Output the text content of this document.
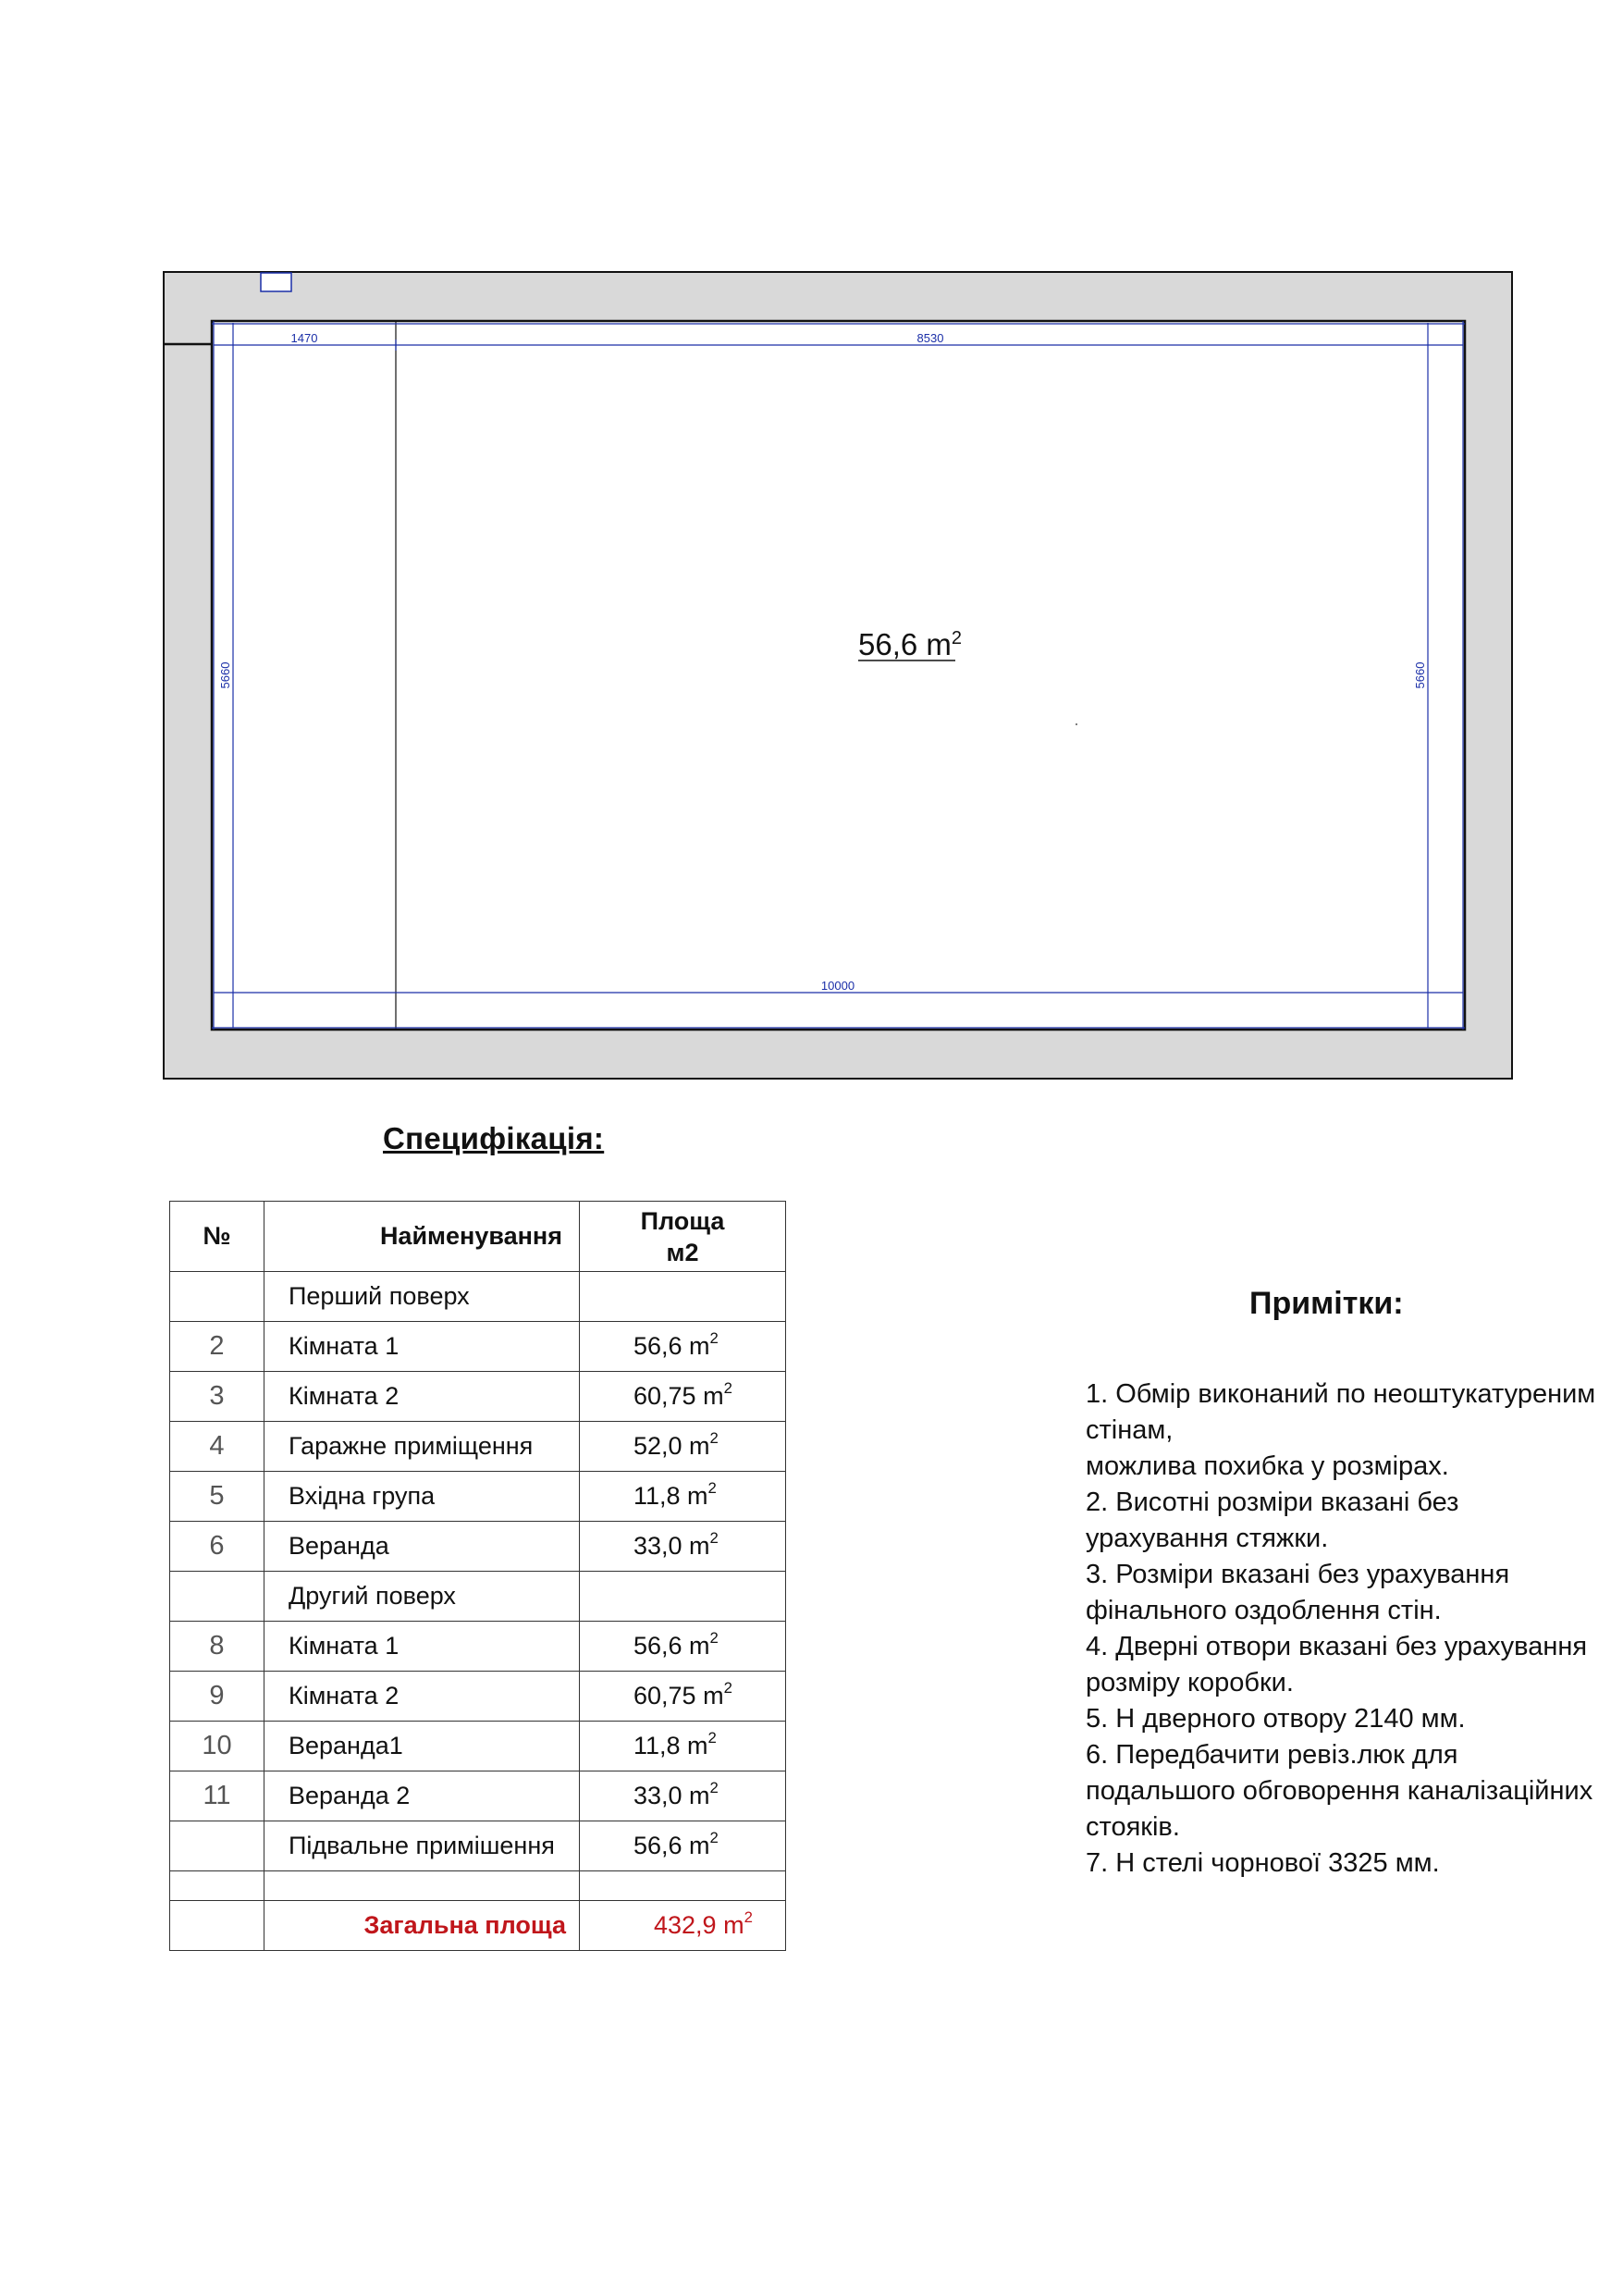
1470	8530
10000
5660	5660
56,6 $m^2$
Специфікація:
№	Найменування	Площа
м2
	Перший поверх	
2	Кімната 1	56,6 $m^2$
3	Кімната 2	60,75 $m^2$
4	Гаражне приміщення	52,0 $m^2$
5	Вхідна група	11,8 $m^2$
6	Веранда	33,0 $m^2$
	Другий поверх	
8	Кімната 1	56,6 $m^2$
9	Кімната 2	60,75 $m^2$
10	Веранда1	11,8 $m^2$
11	Веранда 2	33,0 $m^2$
	Підвальне примішення	56,6 $m^2$

	Загальна площа	432,9 $m^2$
Примітки:

1. Обмір виконаний по неоштукатуреним

стінам,

можлива похибка у розмірах.

2. Висотні розміри вказані без

урахування стяжки.

3. Розміри вказані без урахування

фінального оздоблення стін.

4. Дверні отвори вказані без урахування

розміру коробки.

5. Н дверного отвору 2140 мм.

6. Передбачити ревіз.люк для

подальшого обговорення каналізаційних

стояків.

7. Н стелі чорнової 3325 мм.
